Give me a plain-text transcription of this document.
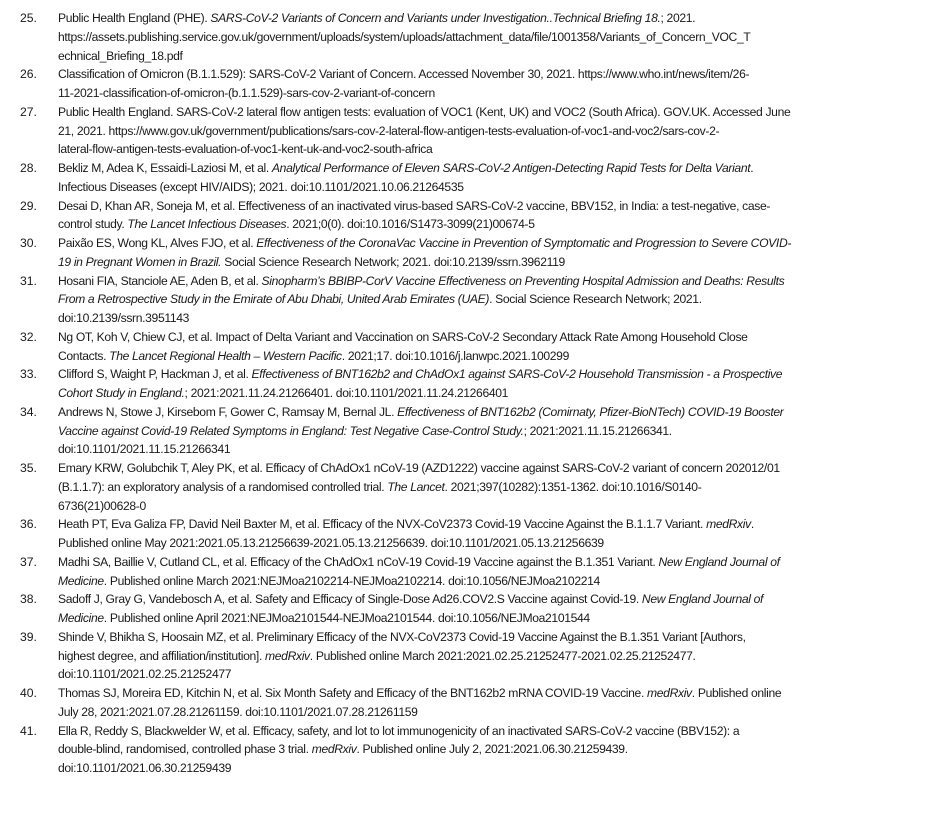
25. Public Health England (PHE). SARS-CoV-2 Variants of Concern and Variants under Investigation..Technical Briefing 18.; 2021.
https://assets.publishing.service.gov.uk/government/uploads/system/uploads/attachment_data/file/1001358/Variants_of_Concern_VOC_T
echnical_Briefing_18.pdf
26. Classification of Omicron (B.1.1.529): SARS-CoV-2 Variant of Concern. Accessed November 30, 2021. https://www.who.int/news/item/26-
11-2021-classification-of-omicron-(b.1.1.529)-sars-cov-2-variant-of-concern
27. Public Health England. SARS-CoV-2 lateral flow antigen tests: evaluation of VOC1 (Kent, UK) and VOC2 (South Africa). GOV.UK. Accessed June
21, 2021. https://www.gov.uk/government/publications/sars-cov-2-lateral-flow-antigen-tests-evaluation-of-voc1-and-voc2/sars-cov-2-
lateral-flow-antigen-tests-evaluation-of-voc1-kent-uk-and-voc2-south-africa
28. Bekliz M, Adea K, Essaidi-Laziosi M, et al. Analytical Performance of Eleven SARS-CoV-2 Antigen-Detecting Rapid Tests for Delta Variant.
Infectious Diseases (except HIV/AIDS); 2021. doi:10.1101/2021.10.06.21264535
29. Desai D, Khan AR, Soneja M, et al. Effectiveness of an inactivated virus-based SARS-CoV-2 vaccine, BBV152, in India: a test-negative, case-
control study. The Lancet Infectious Diseases. 2021;0(0). doi:10.1016/S1473-3099(21)00674-5
30. Paixão ES, Wong KL, Alves FJO, et al. Effectiveness of the CoronaVac Vaccine in Prevention of Symptomatic and Progression to Severe COVID-
19 in Pregnant Women in Brazil. Social Science Research Network; 2021. doi:10.2139/ssrn.3962119
31. Hosani FIA, Stanciole AE, Aden B, et al. Sinopharm’s BBIBP-CorV Vaccine Effectiveness on Preventing Hospital Admission and Deaths: Results
From a Retrospective Study in the Emirate of Abu Dhabi, United Arab Emirates (UAE). Social Science Research Network; 2021.
doi:10.2139/ssrn.3951143
32. Ng OT, Koh V, Chiew CJ, et al. Impact of Delta Variant and Vaccination on SARS-CoV-2 Secondary Attack Rate Among Household Close
Contacts. The Lancet Regional Health – Western Pacific. 2021;17. doi:10.1016/j.lanwpc.2021.100299
33. Clifford S, Waight P, Hackman J, et al. Effectiveness of BNT162b2 and ChAdOx1 against SARS-CoV-2 Household Transmission - a Prospective
Cohort Study in England.; 2021:2021.11.24.21266401. doi:10.1101/2021.11.24.21266401
34. Andrews N, Stowe J, Kirsebom F, Gower C, Ramsay M, Bernal JL. Effectiveness of BNT162b2 (Comirnaty, Pfizer-BioNTech) COVID-19 Booster
Vaccine against Covid-19 Related Symptoms in England: Test Negative Case-Control Study.; 2021:2021.11.15.21266341.
doi:10.1101/2021.11.15.21266341
35. Emary KRW, Golubchik T, Aley PK, et al. Efficacy of ChAdOx1 nCoV-19 (AZD1222) vaccine against SARS-CoV-2 variant of concern 202012/01
(B.1.1.7): an exploratory analysis of a randomised controlled trial. The Lancet. 2021;397(10282):1351-1362. doi:10.1016/S0140-
6736(21)00628-0
36. Heath PT, Eva Galiza FP, David Neil Baxter M, et al. Efficacy of the NVX-CoV2373 Covid-19 Vaccine Against the B.1.1.7 Variant. medRxiv.
Published online May 2021:2021.05.13.21256639-2021.05.13.21256639. doi:10.1101/2021.05.13.21256639
37. Madhi SA, Baillie V, Cutland CL, et al. Efficacy of the ChAdOx1 nCoV-19 Covid-19 Vaccine against the B.1.351 Variant. New England Journal of
Medicine. Published online March 2021:NEJMoa2102214-NEJMoa2102214. doi:10.1056/NEJMoa2102214
38. Sadoff J, Gray G, Vandebosch A, et al. Safety and Efficacy of Single-Dose Ad26.COV2.S Vaccine against Covid-19. New England Journal of
Medicine. Published online April 2021:NEJMoa2101544-NEJMoa2101544. doi:10.1056/NEJMoa2101544
39. Shinde V, Bhikha S, Hoosain MZ, et al. Preliminary Efficacy of the NVX-CoV2373 Covid-19 Vaccine Against the B.1.351 Variant [Authors,
highest degree, and affiliation/institution]. medRxiv. Published online March 2021:2021.02.25.21252477-2021.02.25.21252477.
doi:10.1101/2021.02.25.21252477
40. Thomas SJ, Moreira ED, Kitchin N, et al. Six Month Safety and Efficacy of the BNT162b2 mRNA COVID-19 Vaccine. medRxiv. Published online
July 28, 2021:2021.07.28.21261159. doi:10.1101/2021.07.28.21261159
41. Ella R, Reddy S, Blackwelder W, et al. Efficacy, safety, and lot to lot immunogenicity of an inactivated SARS-CoV-2 vaccine (BBV152): a
double-blind, randomised, controlled phase 3 trial. medRxiv. Published online July 2, 2021:2021.06.30.21259439.
doi:10.1101/2021.06.30.21259439
